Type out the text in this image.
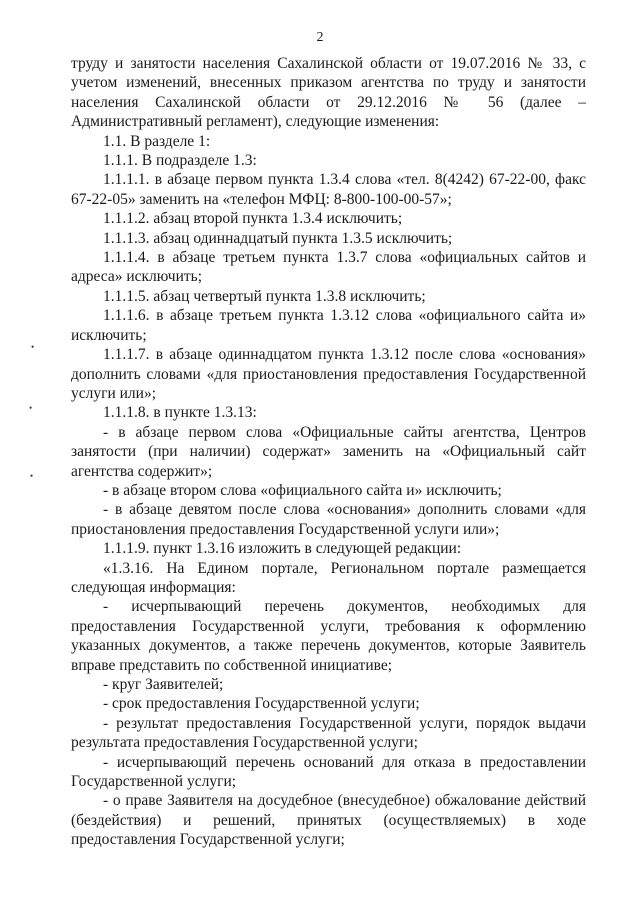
2

труду и занятости населения Сахалинской области от 19.07.2016 № 33, с учетом изменений, внесенных приказом агентства по труду и занятости населения Сахалинской области от 29.12.2016 № 56 (далее – Административный регламент), следующие изменения:

1.1. В разделе 1:

1.1.1. В подразделе 1.3:

1.1.1.1. в абзаце первом пункта 1.3.4 слова «тел. 8(4242) 67-22-00, факс 67-22-05» заменить на «телефон МФЦ: 8-800-100-00-57»;

1.1.1.2. абзац второй пункта 1.3.4 исключить;

1.1.1.3. абзац одиннадцатый пункта 1.3.5 исключить;

1.1.1.4. в абзаце третьем пункта 1.3.7 слова «официальных сайтов и адреса» исключить;

1.1.1.5. абзац четвертый пункта 1.3.8 исключить;

1.1.1.6. в абзаце третьем пункта 1.3.12 слова «официального сайта и» исключить;

1.1.1.7. в абзаце одиннадцатом пункта 1.3.12 после слова «основания» дополнить словами «для приостановления предоставления Государственной услуги или»;

1.1.1.8. в пункте 1.3.13:

- в абзаце первом слова «Официальные сайты агентства, Центров занятости (при наличии) содержат» заменить на «Официальный сайт агентства содержит»;

- в абзаце втором слова «официального сайта и» исключить;

- в абзаце девятом после слова «основания» дополнить словами «для приостановления предоставления Государственной услуги или»;

1.1.1.9. пункт 1.3.16 изложить в следующей редакции:

«1.3.16. На Едином портале, Региональном портале размещается следующая информация:

- исчерпывающий перечень документов, необходимых для предоставления Государственной услуги, требования к оформлению указанных документов, а также перечень документов, которые Заявитель вправе представить по собственной инициативе;

- круг Заявителей;

- срок предоставления Государственной услуги;

- результат предоставления Государственной услуги, порядок выдачи результата предоставления Государственной услуги;

- исчерпывающий перечень оснований для отказа в предоставлении Государственной услуги;

- о праве Заявителя на досудебное (внесудебное) обжалование действий (бездействия) и решений, принятых (осуществляемых) в ходе предоставления Государственной услуги;

•
•
•
